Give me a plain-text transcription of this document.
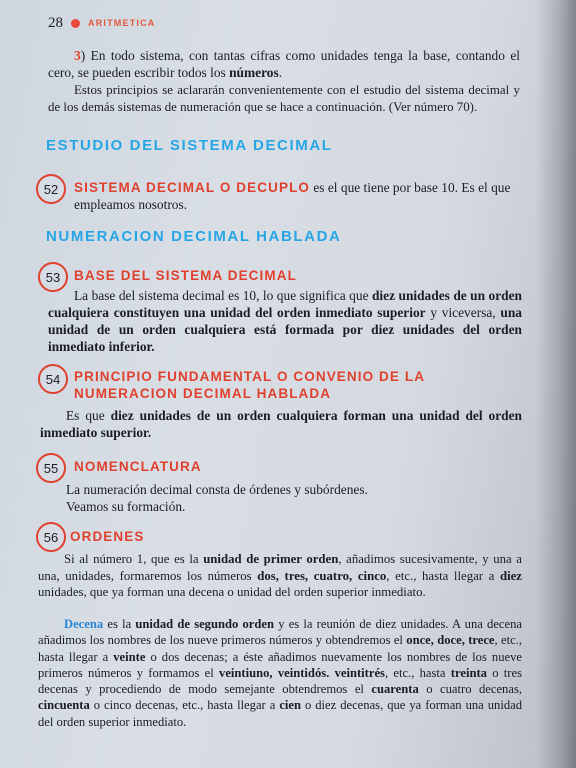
28	ARITMETICA
3) En todo sistema, con tantas cifras como unidades tenga la base, contando el cero, se pueden escribir todos los números.
Estos principios se aclararán convenientemente con el estudio del sistema decimal y de los demás sistemas de numeración que se hace a continuación. (Ver número 70).
ESTUDIO DEL SISTEMA DECIMAL
52	SISTEMA DECIMAL O DECUPLO es el que tiene por base 10. Es el que empleamos nosotros.
NUMERACION DECIMAL HABLADA
53	BASE DEL SISTEMA DECIMAL
La base del sistema decimal es 10, lo que significa que diez unidades de un orden cualquiera constituyen una unidad del orden inmediato superior y viceversa, una unidad de un orden cualquiera está formada por diez unidades del orden inmediato inferior.
54	PRINCIPIO FUNDAMENTAL O CONVENIO DE LA
NUMERACION DECIMAL HABLADA
Es que diez unidades de un orden cualquiera forman una unidad del orden inmediato superior.
55	NOMENCLATURA
La numeración decimal consta de órdenes y subórdenes.
Veamos su formación.
56 ORDENES
Si al número 1, que es la unidad de primer orden, añadimos sucesivamente, y una a una, unidades, formaremos los números dos, tres, cuatro, cinco, etc., hasta llegar a diez unidades, que ya forman una decena o unidad del orden superior inmediato.
Decena es la unidad de segundo orden y es la reunión de diez unidades. A una decena añadimos los nombres de los nueve primeros números y obtendremos el once, doce, trece, etc., hasta llegar a veinte o dos decenas; a éste añadimos nuevamente los nombres de los nueve primeros números y formamos el veintiuno, veintidós. veintitrés, etc., hasta treinta o tres decenas y procediendo de modo semejante obtendremos el cuarenta o cuatro decenas, cincuenta o cinco decenas, etc., hasta llegar a cien o diez decenas, que ya forman una unidad del orden superior inmediato.
